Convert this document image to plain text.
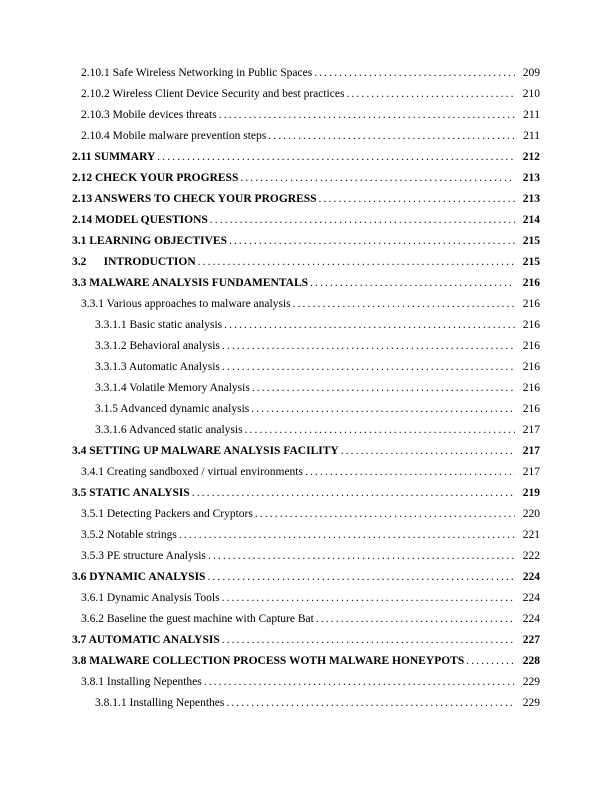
2.10.1 Safe Wireless Networking in Public Spaces .....	209
2.10.2 Wireless Client Device Security and best practices .....	210
2.10.3 Mobile devices threats .....	211
2.10.4 Mobile malware prevention steps .....	211
2.11 SUMMARY .....	212
2.12 CHECK YOUR PROGRESS .....	213
2.13 ANSWERS TO CHECK YOUR PROGRESS .....	213
2.14 MODEL QUESTIONS .....	214
3.1 LEARNING OBJECTIVES .....	215
3.2      INTRODUCTION .....	215
3.3 MALWARE ANALYSIS FUNDAMENTALS .....	216
3.3.1 Various approaches to malware analysis .....	216
3.3.1.1 Basic static analysis .....	216
3.3.1.2 Behavioral analysis .....	216
3.3.1.3 Automatic Analysis .....	216
3.3.1.4 Volatile Memory Analysis .....	216
3.1.5 Advanced dynamic analysis .....	216
3.3.1.6 Advanced static analysis .....	217
3.4 SETTING UP MALWARE ANALYSIS FACILITY .....	217
3.4.1 Creating sandboxed / virtual environments .....	217
3.5 STATIC ANALYSIS .....	219
3.5.1 Detecting Packers and Cryptors .....	220
3.5.2 Notable strings .....	221
3.5.3 PE structure Analysis .....	222
3.6 DYNAMIC ANALYSIS .....	224
3.6.1 Dynamic Analysis Tools .....	224
3.6.2 Baseline the guest machine with Capture Bat .....	224
3.7 AUTOMATIC ANALYSIS .....	227
3.8 MALWARE COLLECTION PROCESS WOTH MALWARE HONEYPOTS .....	228
3.8.1 Installing Nepenthes .....	229
3.8.1.1 Installing Nepenthes .....	229
